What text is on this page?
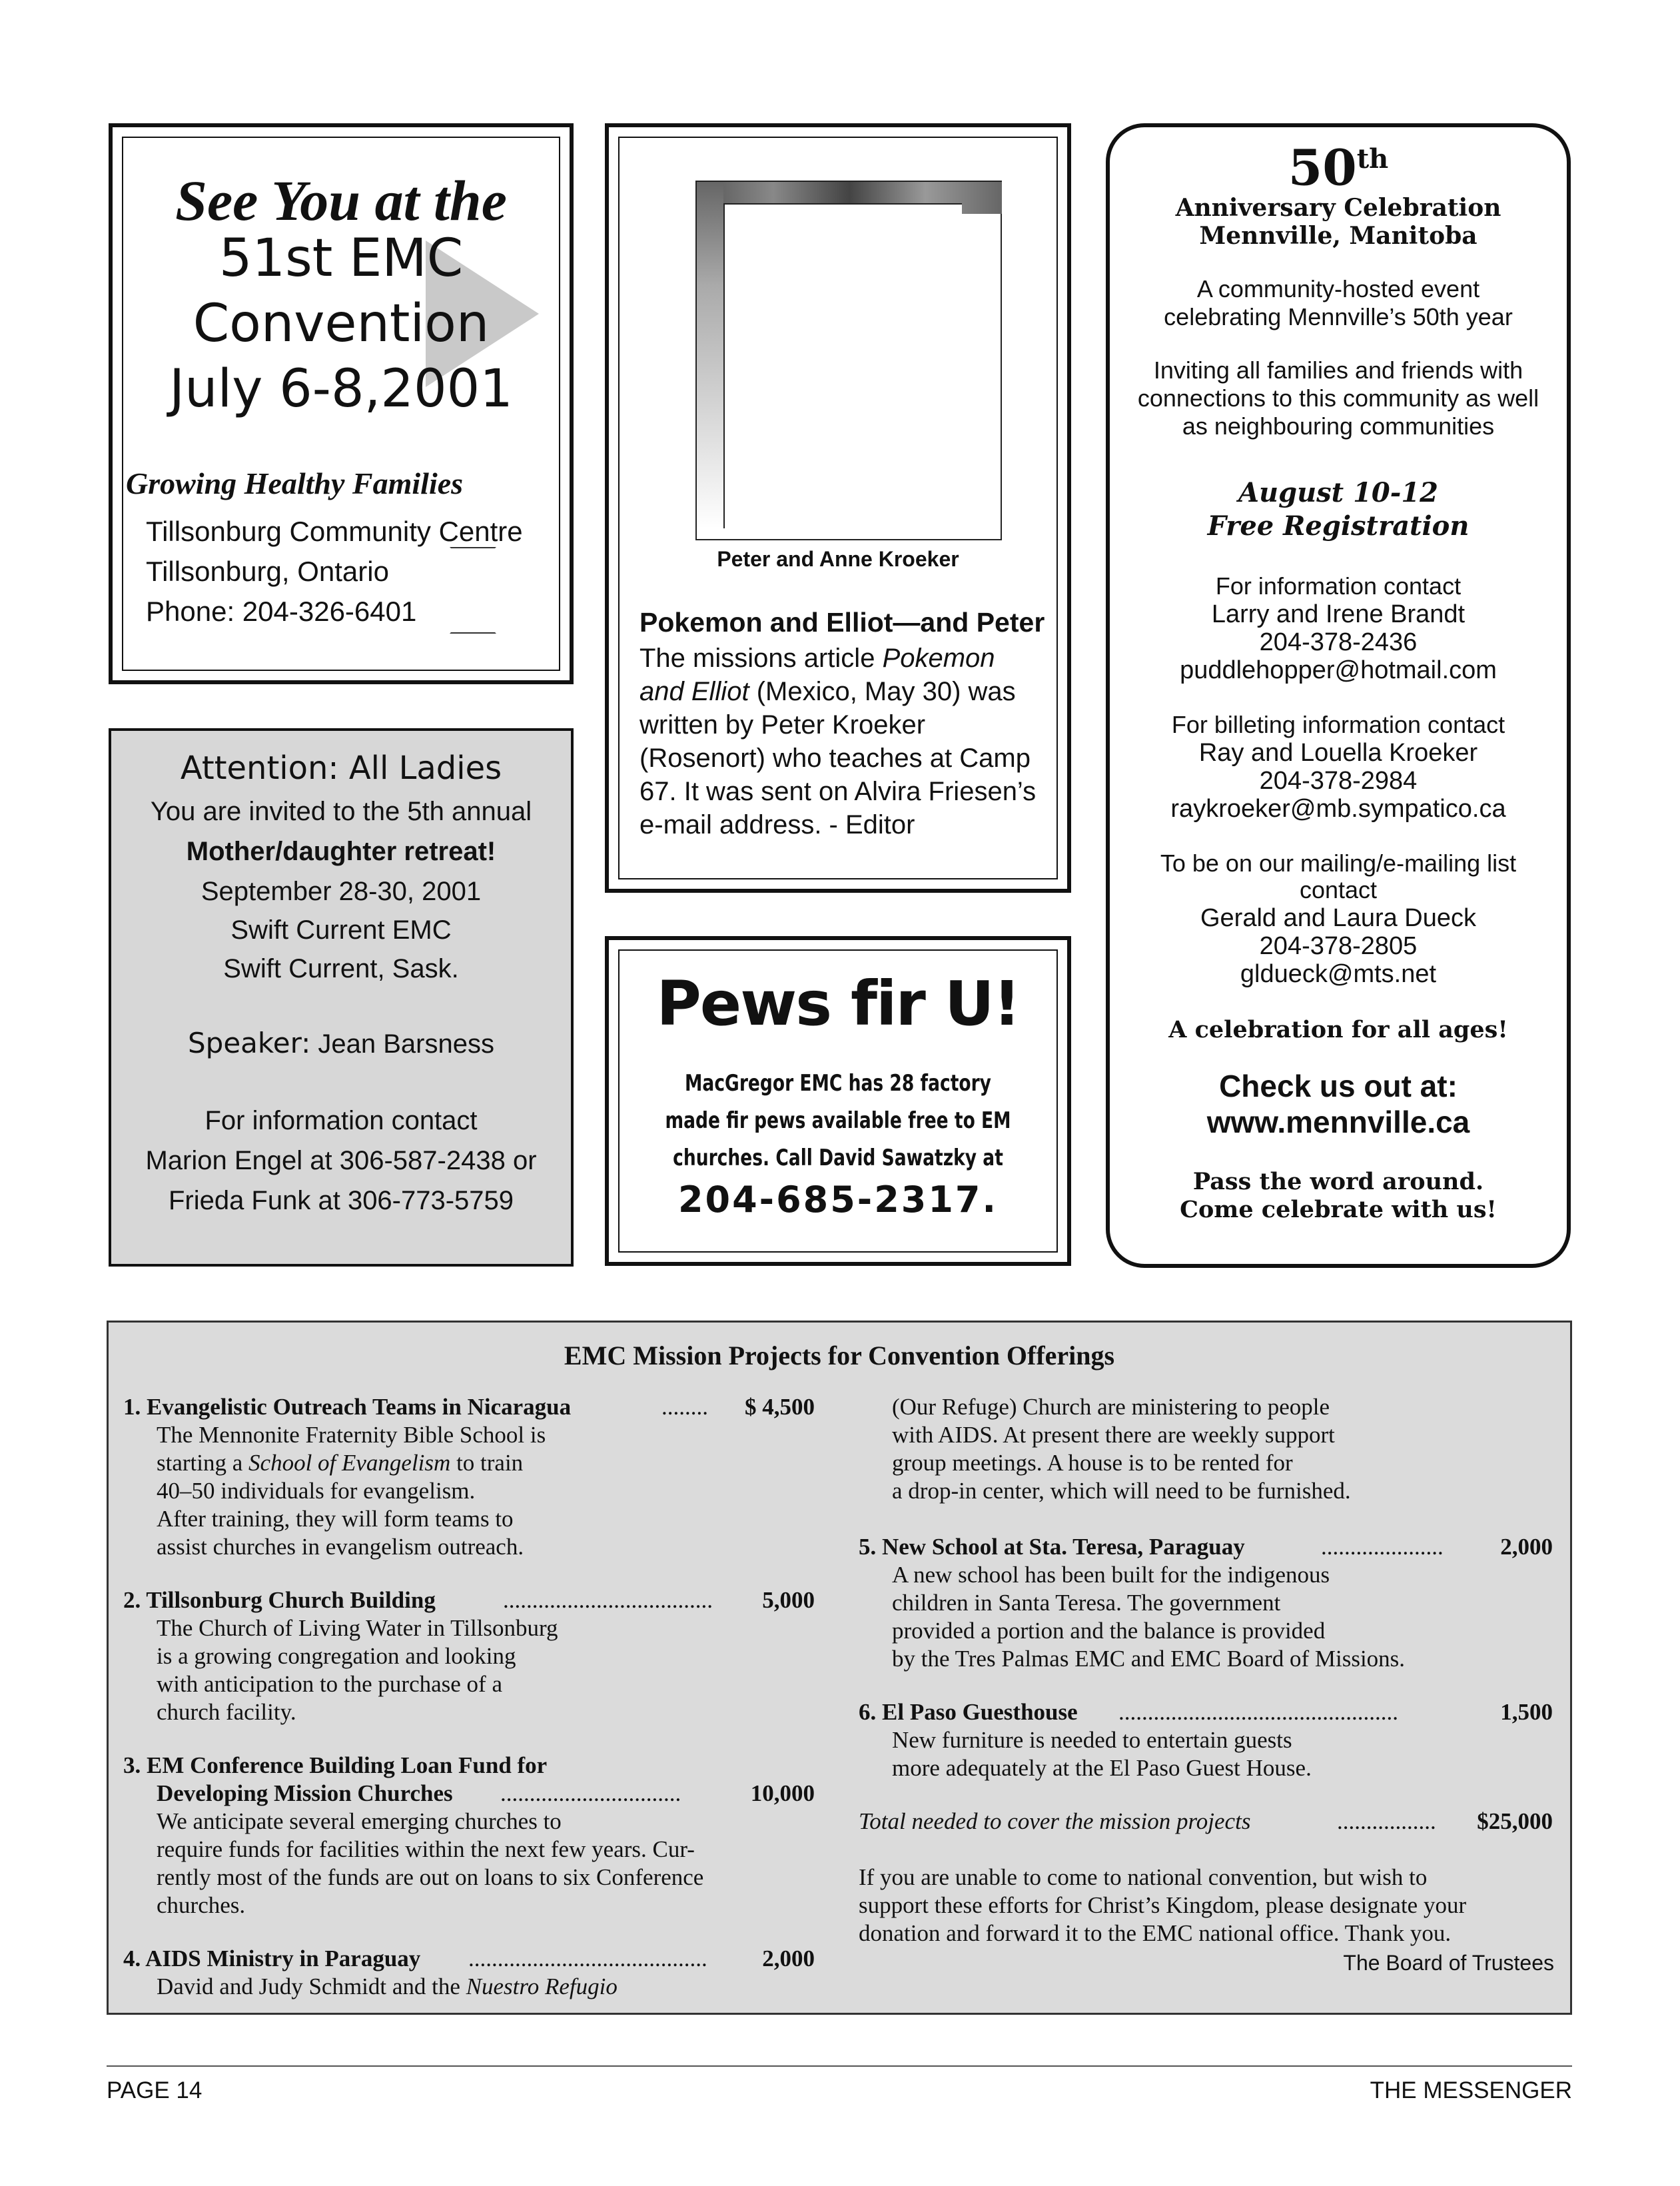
See You at the
51st EMC
Convention
July 6-8,2001
Growing Healthy Families
Tillsonburg Community Centre
Tillsonburg, Ontario
Phone: 204-326-6401
Attention: All Ladies
You are invited to the 5th annual
Mother/daughter retreat!
September 28-30, 2001
Swift Current EMC
Swift Current, Sask.
Speaker: Jean Barsness
For information contact
Marion Engel at 306-587-2438 or
Frieda Funk at 306-773-5759
Peter and Anne Kroeker
Pokemon and Elliot—and Peter
The missions article Pokemon
and Elliot (Mexico, May 30) was
written by Peter Kroeker
(Rosenort) who teaches at Camp
67. It was sent on Alvira Friesen’s
e-mail address. - Editor
Pews fir U!
MacGregor EMC has 28 factory
made fir pews available free to EM
churches. Call David Sawatzky at
204-685-2317.
50th
Anniversary Celebration
Mennville, Manitoba
A community-hosted event
celebrating Mennville’s 50th year
Inviting all families and friends with
connections to this community as well
as neighbouring communities
August 10-12
Free Registration
For information contact
Larry and Irene Brandt
204-378-2436
puddlehopper@hotmail.com
For billeting information contact
Ray and Louella Kroeker
204-378-2984
raykroeker@mb.sympatico.ca
To be on our mailing/e-mailing list
contact
Gerald and Laura Dueck
204-378-2805
gldueck@mts.net
A celebration for all ages!
Check us out at:
www.mennville.ca
Pass the word around.
Come celebrate with us!
EMC Mission Projects for Convention Offerings
1. Evangelistic Outreach Teams in Nicaragua	........	$ 4,500
The Mennonite Fraternity Bible School is
starting a School of Evangelism to train
40–50 individuals for evangelism.
After training, they will form teams to
assist churches in evangelism outreach.
2. Tillsonburg Church Building	....................................	5,000
The Church of Living Water in Tillsonburg
is a growing congregation and looking
with anticipation to the purchase of a
church facility.
3. EM Conference Building Loan Fund for
Developing Mission Churches ...............................	10,000
We anticipate several emerging churches to
require funds for facilities within the next few years. Cur-
rently most of the funds are out on loans to six Conference
churches.
4. AIDS Ministry in Paraguay .........................................	2,000
David and Judy Schmidt and the Nuestro Refugio
(Our Refuge) Church are ministering to people
with AIDS. At present there are weekly support
group meetings. A house is to be rented for
a drop-in center, which will need to be furnished.
5. New School at Sta. Teresa, Paraguay	.....................	2,000
A new school has been built for the indigenous
children in Santa Teresa. The government
provided a portion and the balance is provided
by the Tres Palmas EMC and EMC Board of Missions.
6. El Paso Guesthouse ................................................	1,500
New furniture is needed to entertain guests
more adequately at the El Paso Guest House.
Total needed to cover the mission projects	.................	$25,000
If you are unable to come to national convention, but wish to
support these efforts for Christ’s Kingdom, please designate your
donation and forward it to the EMC national office. Thank you.
The Board of Trustees
PAGE 14	THE MESSENGER
